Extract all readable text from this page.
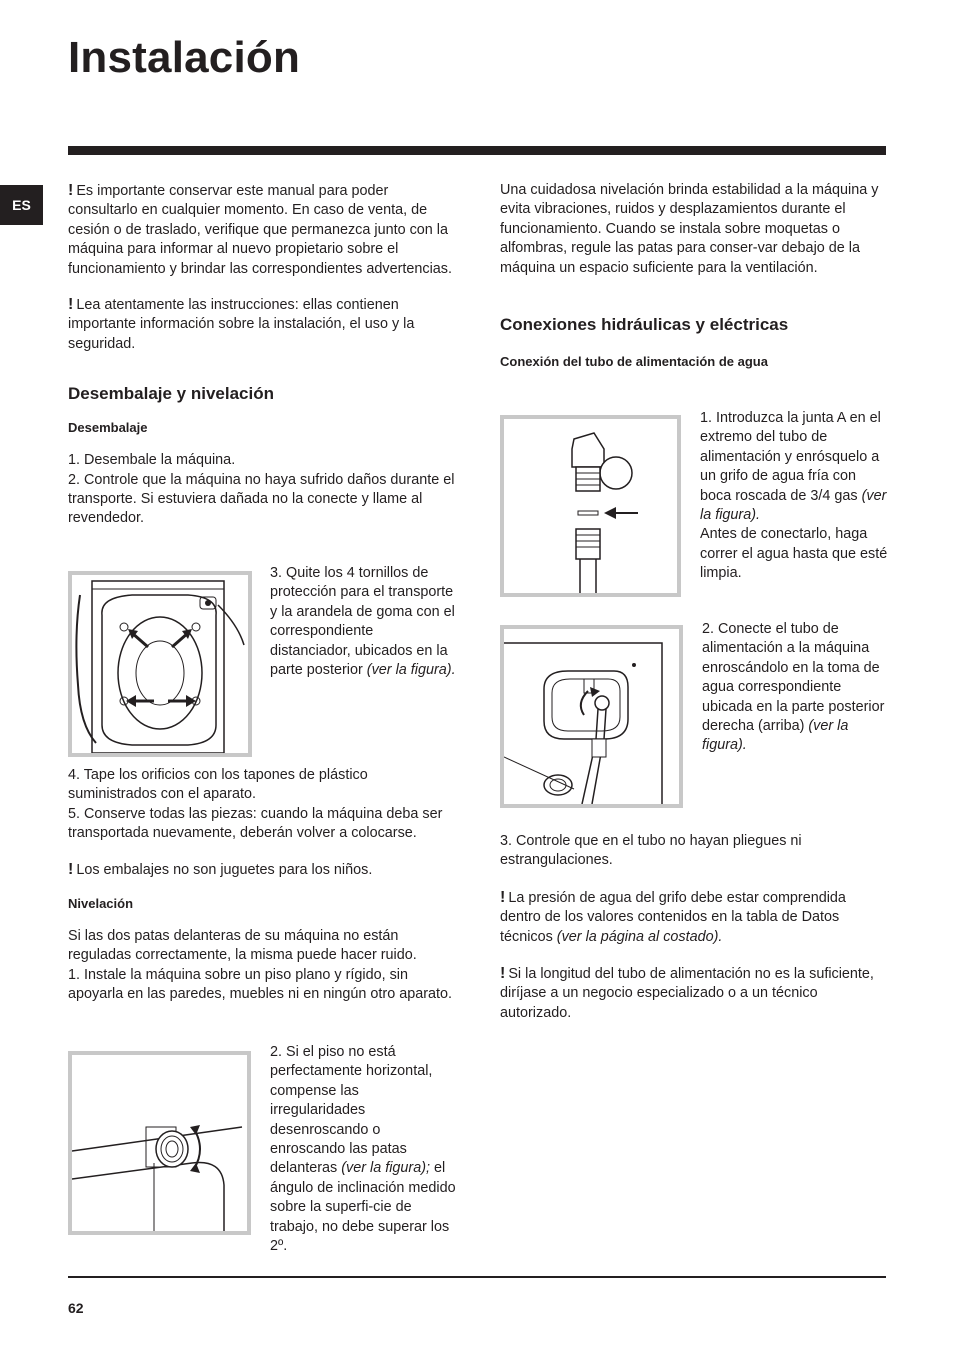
Instalación
ES

! Es importante conservar este manual para poder consultarlo en cualquier momento. En caso de venta, de cesión o de traslado, verifique que permanezca junto con la máquina para informar al nuevo propietario sobre el funcionamiento y brindar las correspondientes advertencias.

! Lea atentamente las instrucciones: ellas contienen importante información sobre la instalación, el uso y la seguridad.

Desembalaje y nivelación
Desembalaje

1. Desembale la máquina.

2. Controle que la máquina no haya sufrido daños durante el transporte. Si estuviera dañada no la conecte y llame al revendedor.

3. Quite los 4 tornillos de protección para el transporte y la arandela de goma con el correspondiente distanciador, ubicados en la parte posterior (ver la figura).

4. Tape los orificios con los tapones de plástico suministrados con el aparato.

5. Conserve todas las piezas: cuando la máquina deba ser transportada nuevamente, deberán volver a colocarse.

! Los embalajes no son juguetes para los niños.

Nivelación

Si las dos patas delanteras de su máquina no están reguladas correctamente, la misma puede hacer ruido.

1. Instale la máquina sobre un piso plano y rígido, sin apoyarla en las paredes, muebles ni en ningún otro aparato.

2. Si el piso no está perfectamente horizontal, compense las irregularidades desenroscando o enroscando las patas delanteras (ver la figura); el ángulo de inclinación medido sobre la superfi-cie de trabajo, no debe superar los 2º.

Una cuidadosa nivelación brinda estabilidad a la máquina y evita vibraciones, ruidos y desplazamientos durante el funcionamiento. Cuando se instala sobre moquetas o alfombras, regule las patas para conser-var debajo de la máquina un espacio suficiente para la ventilación.

Conexiones hidráulicas y eléctricas
Conexión del tubo de alimentación de agua
1. Introduzca la junta A en el extremo del tubo de alimentación y enrósquelo a un grifo de agua fría con boca roscada de 3/4 gas (ver la figura).
Antes de conectarlo, haga correr el agua hasta que esté limpia.
2. Conecte el tubo de alimentación a la máquina enroscándolo en la toma de agua correspondiente ubicada en la parte posterior derecha (arriba) (ver la figura).

3. Controle que en el tubo no hayan pliegues ni estrangulaciones.

! La presión de agua del grifo debe estar comprendida dentro de los valores contenidos en la tabla de Datos técnicos (ver la página al costado).

! Si la longitud del tubo de alimentación no es la suficiente, diríjase a un negocio especializado o a un técnico autorizado.

62
